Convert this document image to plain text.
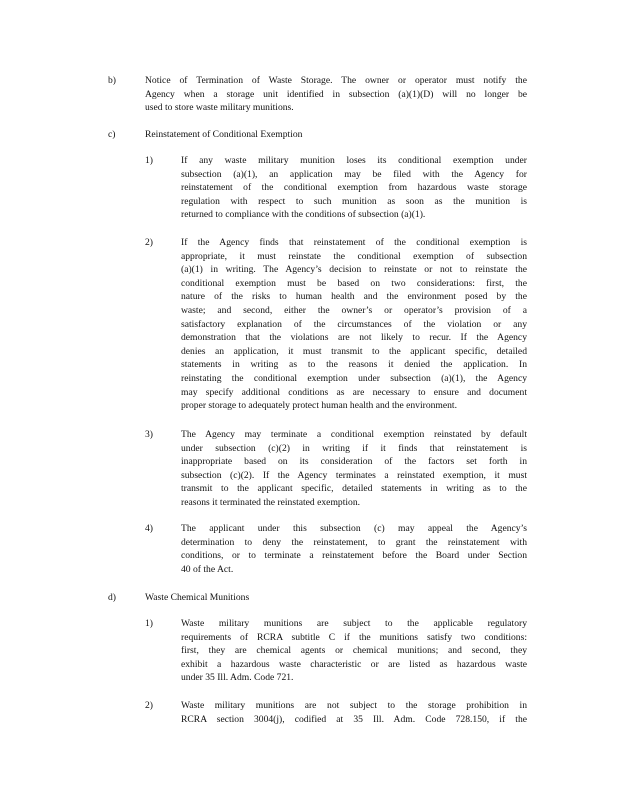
b)	Notice of Termination of Waste Storage. The owner or operator must notify the
Agency when a storage unit identified in subsection (a)(1)(D) will no longer be
used to store waste military munitions.
c)	Reinstatement of Conditional Exemption
1)	If any waste military munition loses its conditional exemption under
subsection (a)(1), an application may be filed with the Agency for
reinstatement of the conditional exemption from hazardous waste storage
regulation with respect to such munition as soon as the munition is
returned to compliance with the conditions of subsection (a)(1).
2)	If the Agency finds that reinstatement of the conditional exemption is
appropriate, it must reinstate the conditional exemption of subsection
(a)(1) in writing. The Agency’s decision to reinstate or not to reinstate the
conditional exemption must be based on two considerations: first, the
nature of the risks to human health and the environment posed by the
waste; and second, either the owner’s or operator’s provision of a
satisfactory explanation of the circumstances of the violation or any
demonstration that the violations are not likely to recur. If the Agency
denies an application, it must transmit to the applicant specific, detailed
statements in writing as to the reasons it denied the application. In
reinstating the conditional exemption under subsection (a)(1), the Agency
may specify additional conditions as are necessary to ensure and document
proper storage to adequately protect human health and the environment.
3)	The Agency may terminate a conditional exemption reinstated by default
under subsection (c)(2) in writing if it finds that reinstatement is
inappropriate based on its consideration of the factors set forth in
subsection (c)(2). If the Agency terminates a reinstated exemption, it must
transmit to the applicant specific, detailed statements in writing as to the
reasons it terminated the reinstated exemption.
4)	The applicant under this subsection (c) may appeal the Agency’s
determination to deny the reinstatement, to grant the reinstatement with
conditions, or to terminate a reinstatement before the Board under Section
40 of the Act.
d)	Waste Chemical Munitions
1)	Waste military munitions are subject to the applicable regulatory
requirements of RCRA subtitle C if the munitions satisfy two conditions:
first, they are chemical agents or chemical munitions; and second, they
exhibit a hazardous waste characteristic or are listed as hazardous waste
under 35 Ill. Adm. Code 721.
2)	Waste military munitions are not subject to the storage prohibition in
RCRA section 3004(j), codified at 35 Ill. Adm. Code 728.150, if the
